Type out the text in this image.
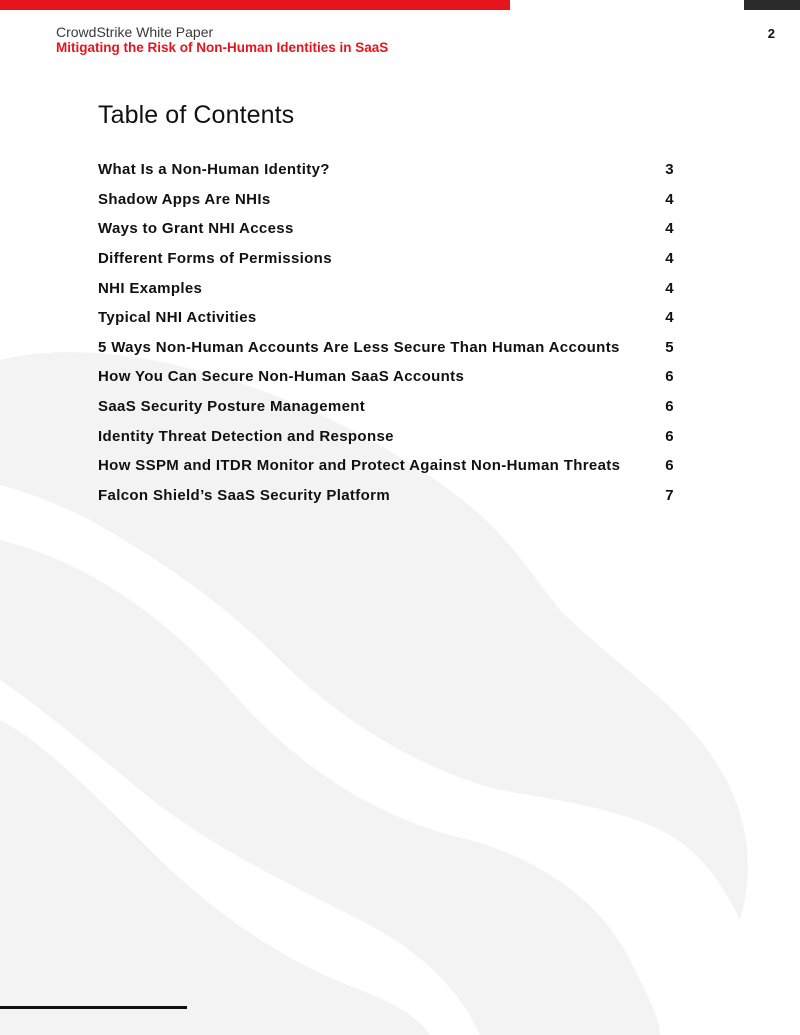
CrowdStrike White Paper
Mitigating the Risk of Non-Human Identities in SaaS
2
Table of Contents
What Is a Non-Human Identity?	3
Shadow Apps Are NHIs	4
Ways to Grant NHI Access	4
Different Forms of Permissions	4
NHI Examples	4
Typical NHI Activities	4
5 Ways Non-Human Accounts Are Less Secure Than Human Accounts	5
How You Can Secure Non-Human SaaS Accounts	6
SaaS Security Posture Management	6
Identity Threat Detection and Response	6
How SSPM and ITDR Monitor and Protect Against Non-Human Threats	6
Falcon Shield’s SaaS Security Platform	7
